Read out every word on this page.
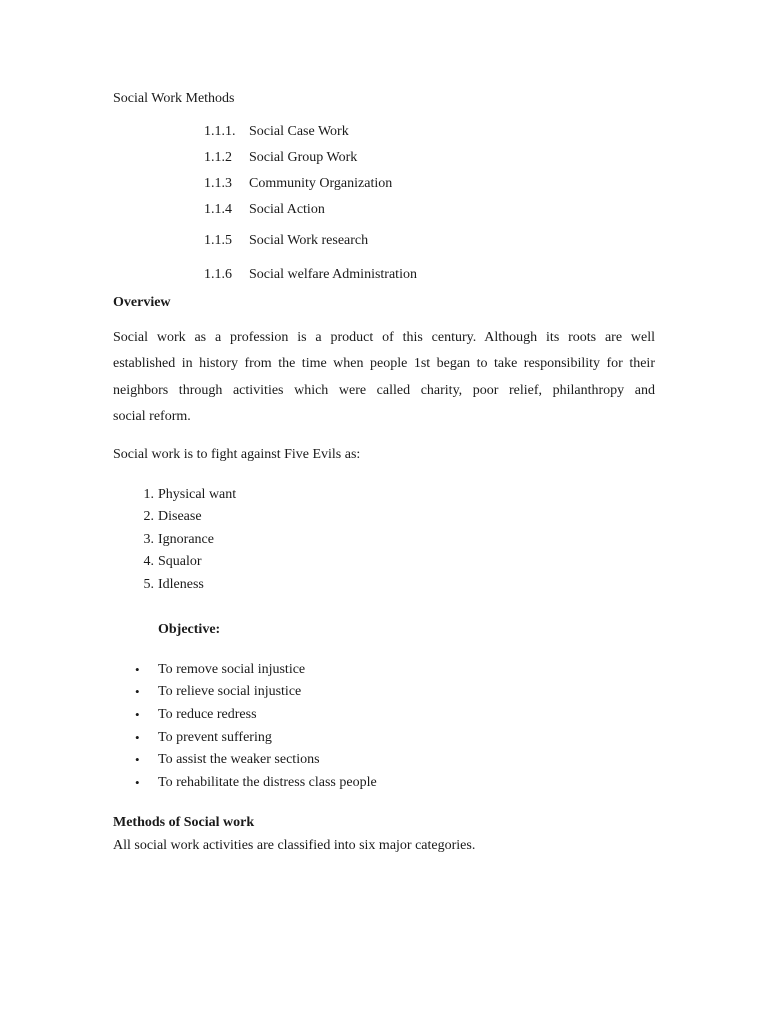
Social Work Methods
1.1.1. Social Case Work
1.1.2 Social Group Work
1.1.3 Community Organization
1.1.4 Social Action
1.1.5 Social Work research
1.1.6 Social welfare Administration
Overview
Social work as a profession is a product of this century. Although its roots are well
established in history from the time when people 1st began to take responsibility for their
neighbors through activities which were called charity, poor relief, philanthropy and
social reform.
Social work is to fight against Five Evils as:
1. Physical want
2. Disease
3. Ignorance
4. Squalor
5. Idleness
Objective:
• To remove social injustice
• To relieve social injustice
• To reduce redress
• To prevent suffering
• To assist the weaker sections
• To rehabilitate the distress class people
Methods of Social work
All social work activities are classified into six major categories.
